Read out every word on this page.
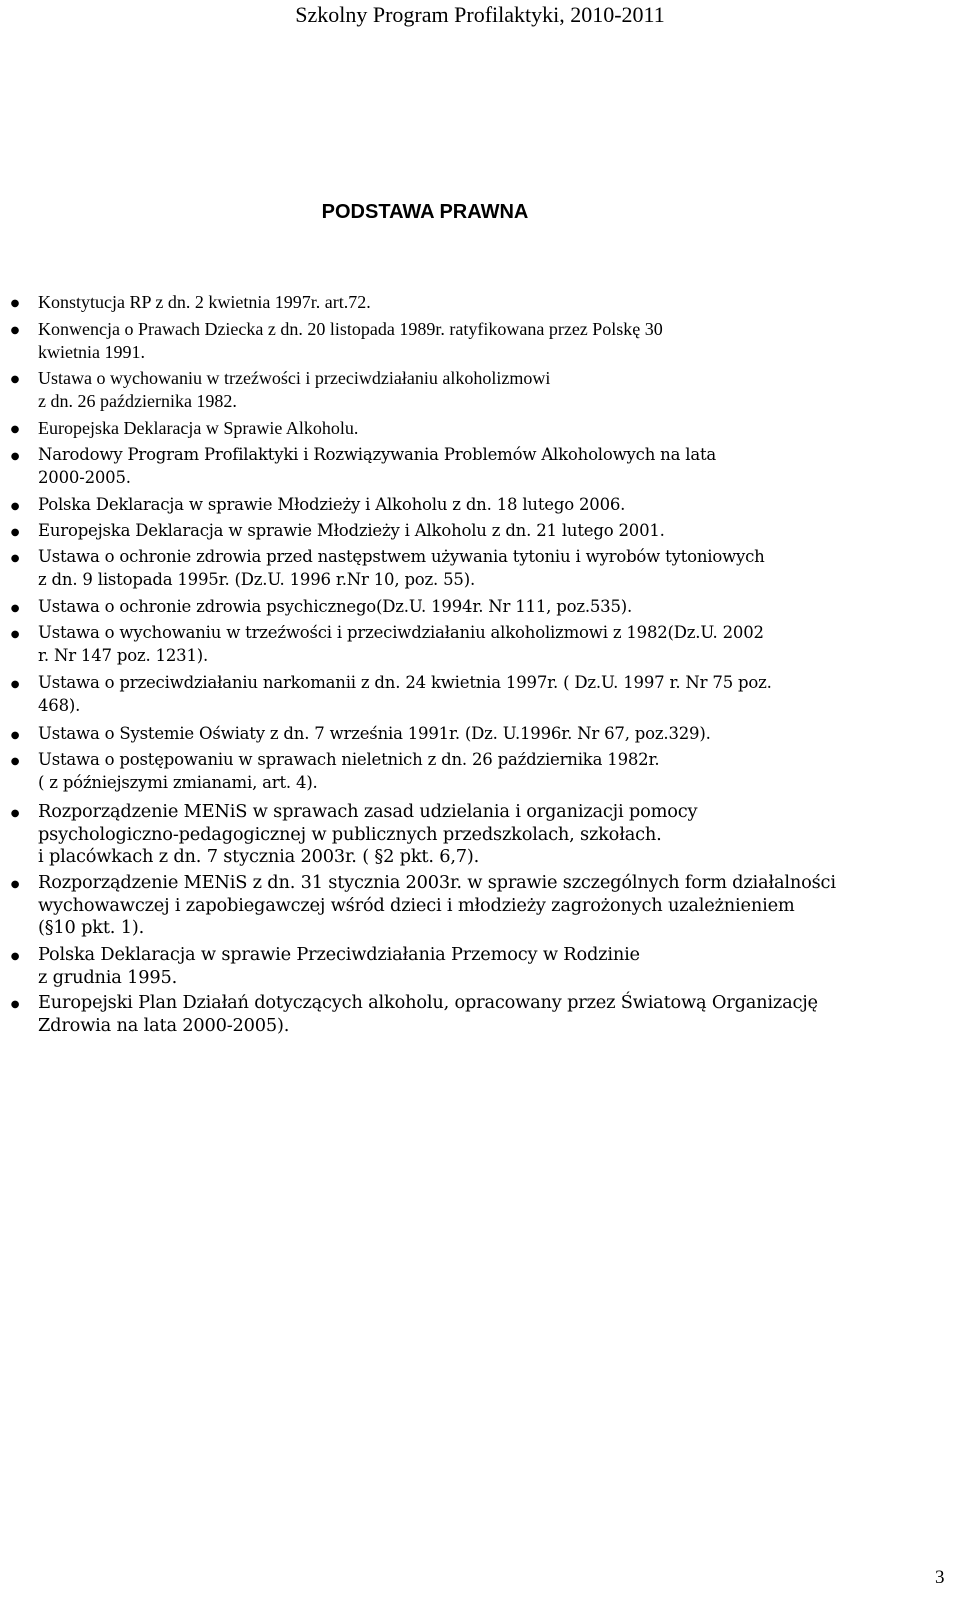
Szkolny Program Profilaktyki, 2010-2011
PODSTAWA PRAWNA
●	Konstytucja RP z dn. 2 kwietnia 1997r. art.72.
●	Konwencja o Prawach Dziecka z dn. 20 listopada 1989r. ratyfikowana przez Polskę 30
kwietnia 1991.
●	Ustawa o wychowaniu w trzeźwości i przeciwdziałaniu alkoholizmowi
z dn. 26 października 1982.
●	Europejska Deklaracja w Sprawie Alkoholu.
●	Narodowy Program Profilaktyki i Rozwiązywania Problemów Alkoholowych na lata
2000-2005.
●	Polska Deklaracja w sprawie Młodzieży i Alkoholu z dn. 18 lutego 2006.
●	Europejska Deklaracja w sprawie Młodzieży i Alkoholu z dn. 21 lutego 2001.
●	Ustawa o ochronie zdrowia przed następstwem używania tytoniu i wyrobów tytoniowych
z dn. 9 listopada 1995r. (Dz.U. 1996 r.Nr 10, poz. 55).
●	Ustawa o ochronie zdrowia psychicznego(Dz.U. 1994r. Nr 111, poz.535).
●	Ustawa o wychowaniu w trzeźwości i przeciwdziałaniu alkoholizmowi z 1982(Dz.U. 2002
r. Nr 147 poz. 1231).
●	Ustawa o przeciwdziałaniu narkomanii z dn. 24 kwietnia 1997r. ( Dz.U. 1997 r. Nr 75 poz.
468).
●	Ustawa o Systemie Oświaty z dn. 7 września 1991r. (Dz. U.1996r. Nr 67, poz.329).
●	Ustawa o postępowaniu w sprawach nieletnich z dn. 26 października 1982r.
( z późniejszymi zmianami, art. 4).
●	Rozporządzenie MENiS w sprawach zasad udzielania i organizacji pomocy
psychologiczno-pedagogicznej w publicznych przedszkolach, szkołach.
i placówkach z dn. 7 stycznia 2003r. ( §2 pkt. 6,7).
●	Rozporządzenie MENiS z dn. 31 stycznia 2003r. w sprawie szczególnych form działalności
wychowawczej i zapobiegawczej wśród dzieci i młodzieży zagrożonych uzależnieniem
(§10 pkt. 1).
●	Polska Deklaracja w sprawie Przeciwdziałania Przemocy w Rodzinie
z grudnia 1995.
●	Europejski Plan Działań dotyczących alkoholu, opracowany przez Światową Organizację
Zdrowia na lata 2000-2005).
3
